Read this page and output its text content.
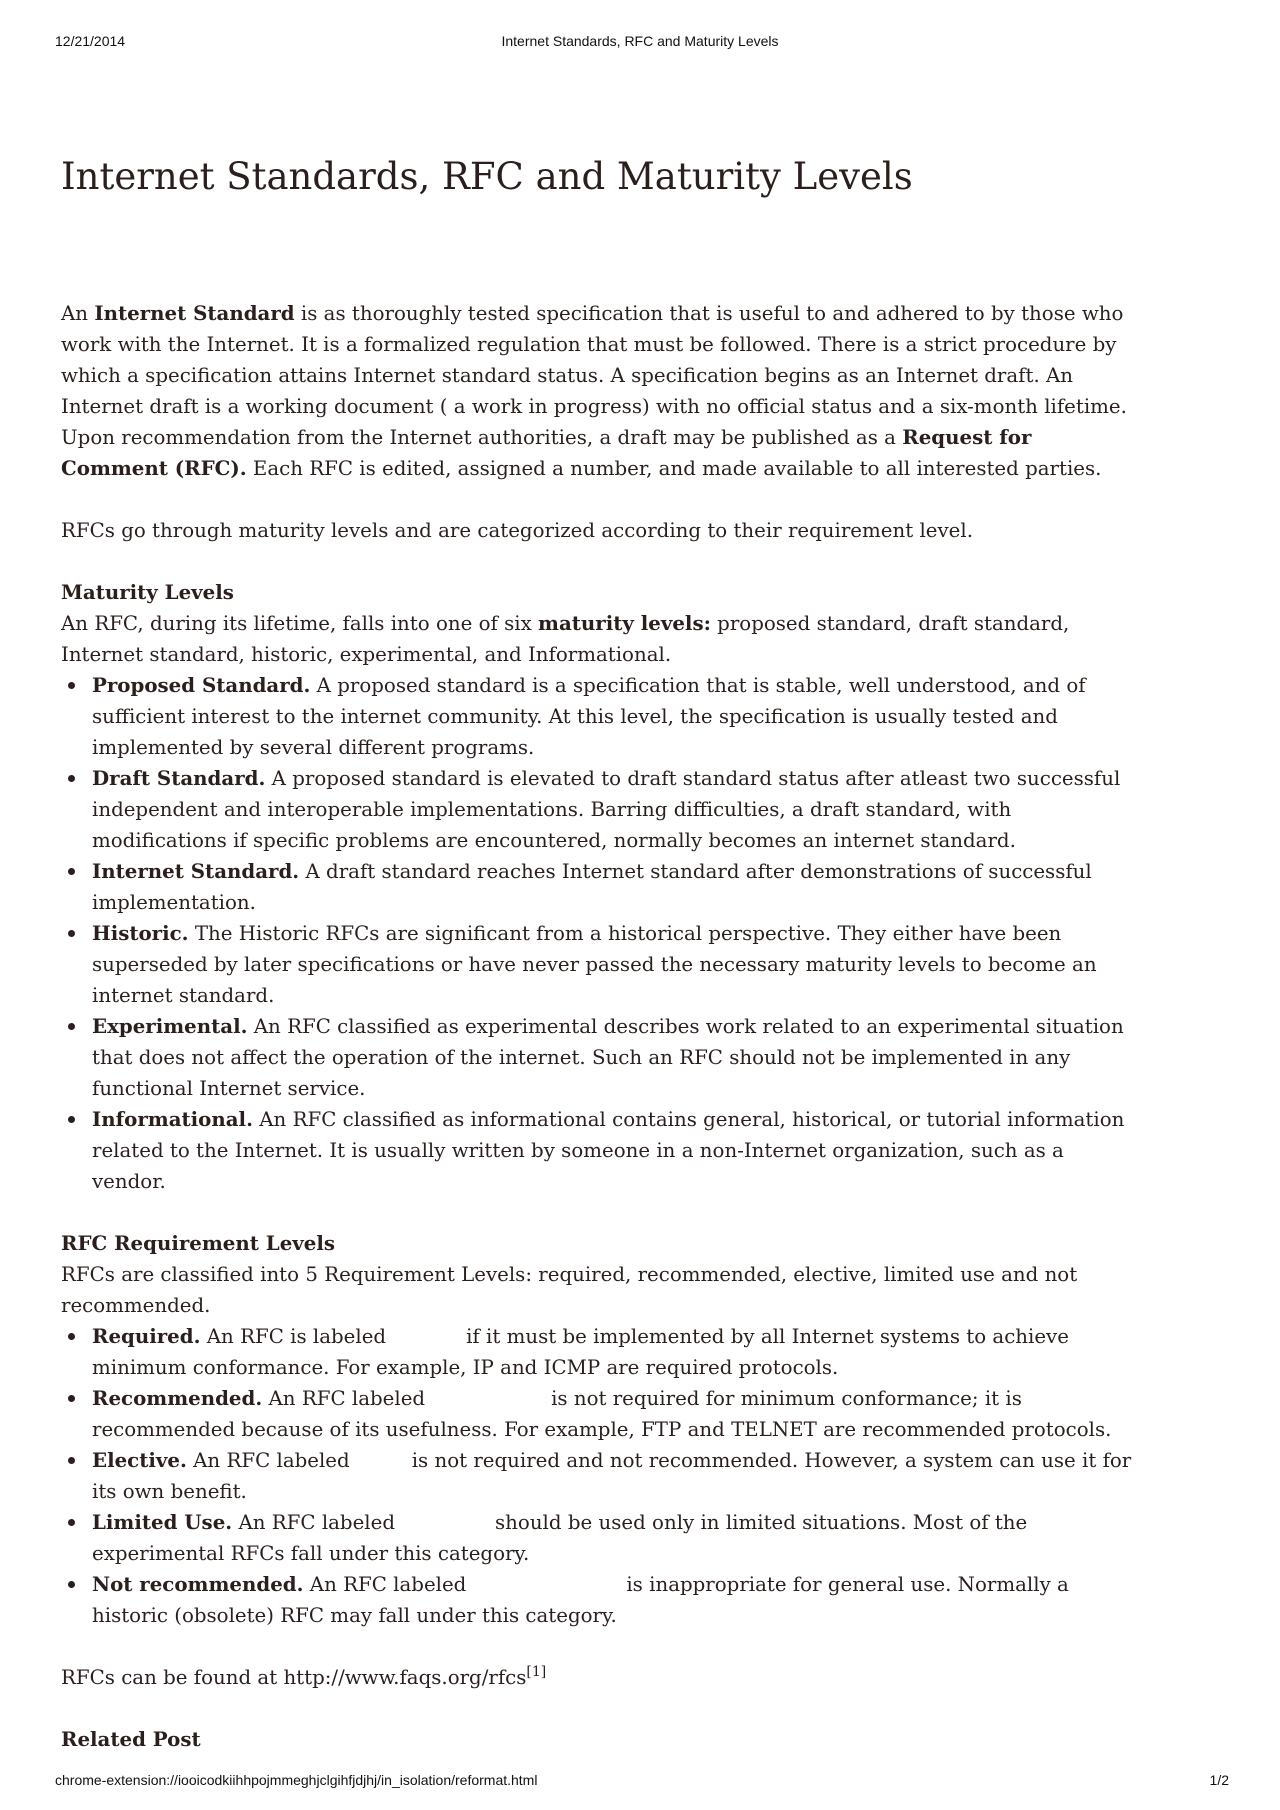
12/21/2014	Internet Standards, RFC and Maturity Levels
Internet Standards, RFC and Maturity Levels

An Internet Standard is as thoroughly tested specification that is useful to and adhered to by those who work with the Internet. It is a formalized regulation that must be followed. There is a strict procedure by which a specification attains Internet standard status. A specification begins as an Internet draft. An Internet draft is a working document ( a work in progress) with no official status and a six-month lifetime. Upon recommendation from the Internet authorities, a draft may be published as a Request for Comment (RFC). Each RFC is edited, assigned a number, and made available to all interested parties.

RFCs go through maturity levels and are categorized according to their requirement level.

Maturity Levels

An RFC, during its lifetime, falls into one of six maturity levels: proposed standard, draft standard, Internet standard, historic, experimental, and Informational.

Proposed Standard. A proposed standard is a specification that is stable, well understood, and of sufficient interest to the internet community. At this level, the specification is usually tested and implemented by several different programs.
Draft Standard. A proposed standard is elevated to draft standard status after atleast two successful independent and interoperable implementations. Barring difficulties, a draft standard, with modifications if specific problems are encountered, normally becomes an internet standard.
Internet Standard. A draft standard reaches Internet standard after demonstrations of successful implementation.
Historic. The Historic RFCs are significant from a historical perspective. They either have been superseded by later specifications or have never passed the necessary maturity levels to become an internet standard.
Experimental. An RFC classified as experimental describes work related to an experimental situation that does not affect the operation of the internet. Such an RFC should not be implemented in any functional Internet service.
Informational. An RFC classified as informational contains general, historical, or tutorial information related to the Internet. It is usually written by someone in a non-Internet organization, such as a vendor.

RFC Requirement Levels

RFCs are classified into 5 Requirement Levels: required, recommended, elective, limited use and not recommended.

Required. An RFC is labeled	if it must be implemented by all Internet systems to achieve minimum conformance. For example, IP and ICMP are required protocols.
Recommended. An RFC labeled	is not required for minimum conformance; it is recommended because of its usefulness. For example, FTP and TELNET are recommended protocols.
Elective. An RFC labeled	is not required and not recommended. However, a system can use it for its own benefit.
Limited Use. An RFC labeled	should be used only in limited situations. Most of the experimental RFCs fall under this category.
Not recommended. An RFC labeled	is inappropriate for general use. Normally a historic (obsolete) RFC may fall under this category.

RFCs can be found at http://www.faqs.org/rfcs[1]

Related Post

chrome-extension://iooicodkiihhpojmmeghjclgihfjdjhj/in_isolation/reformat.html	1/2
